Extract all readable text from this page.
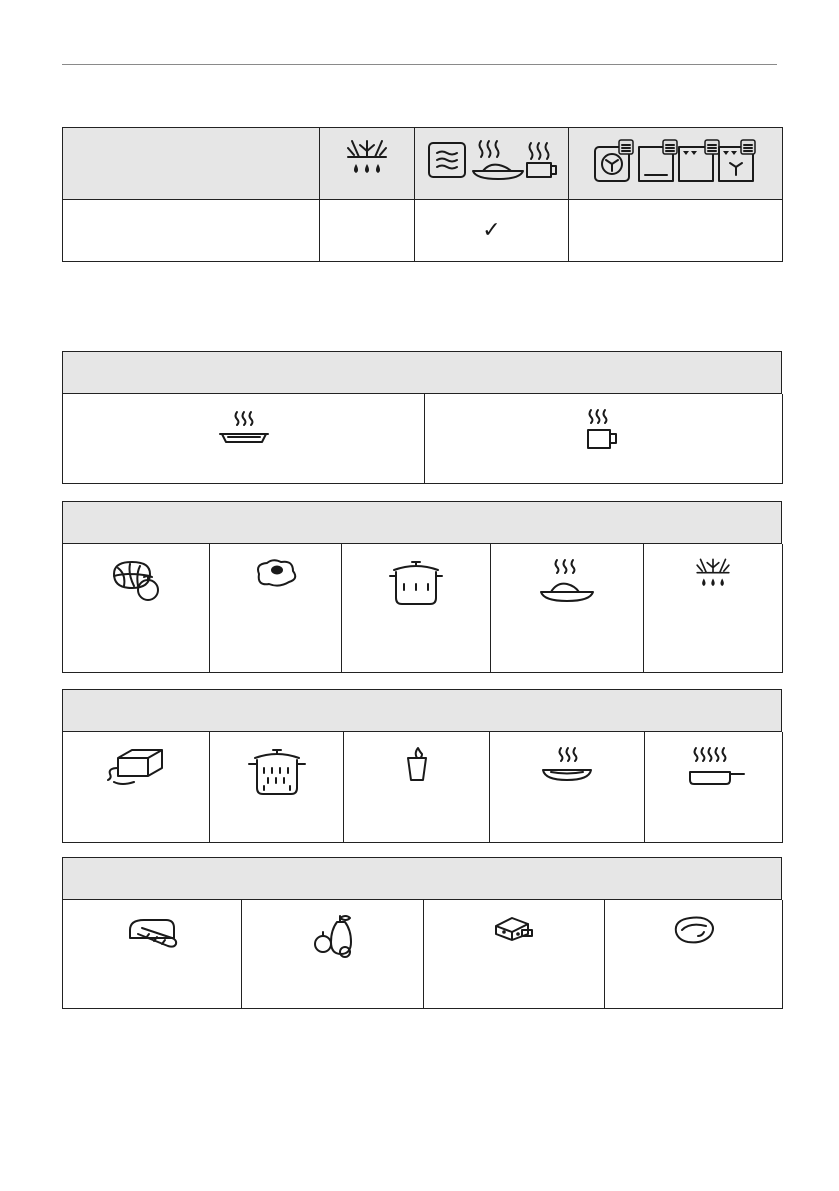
		✓	
